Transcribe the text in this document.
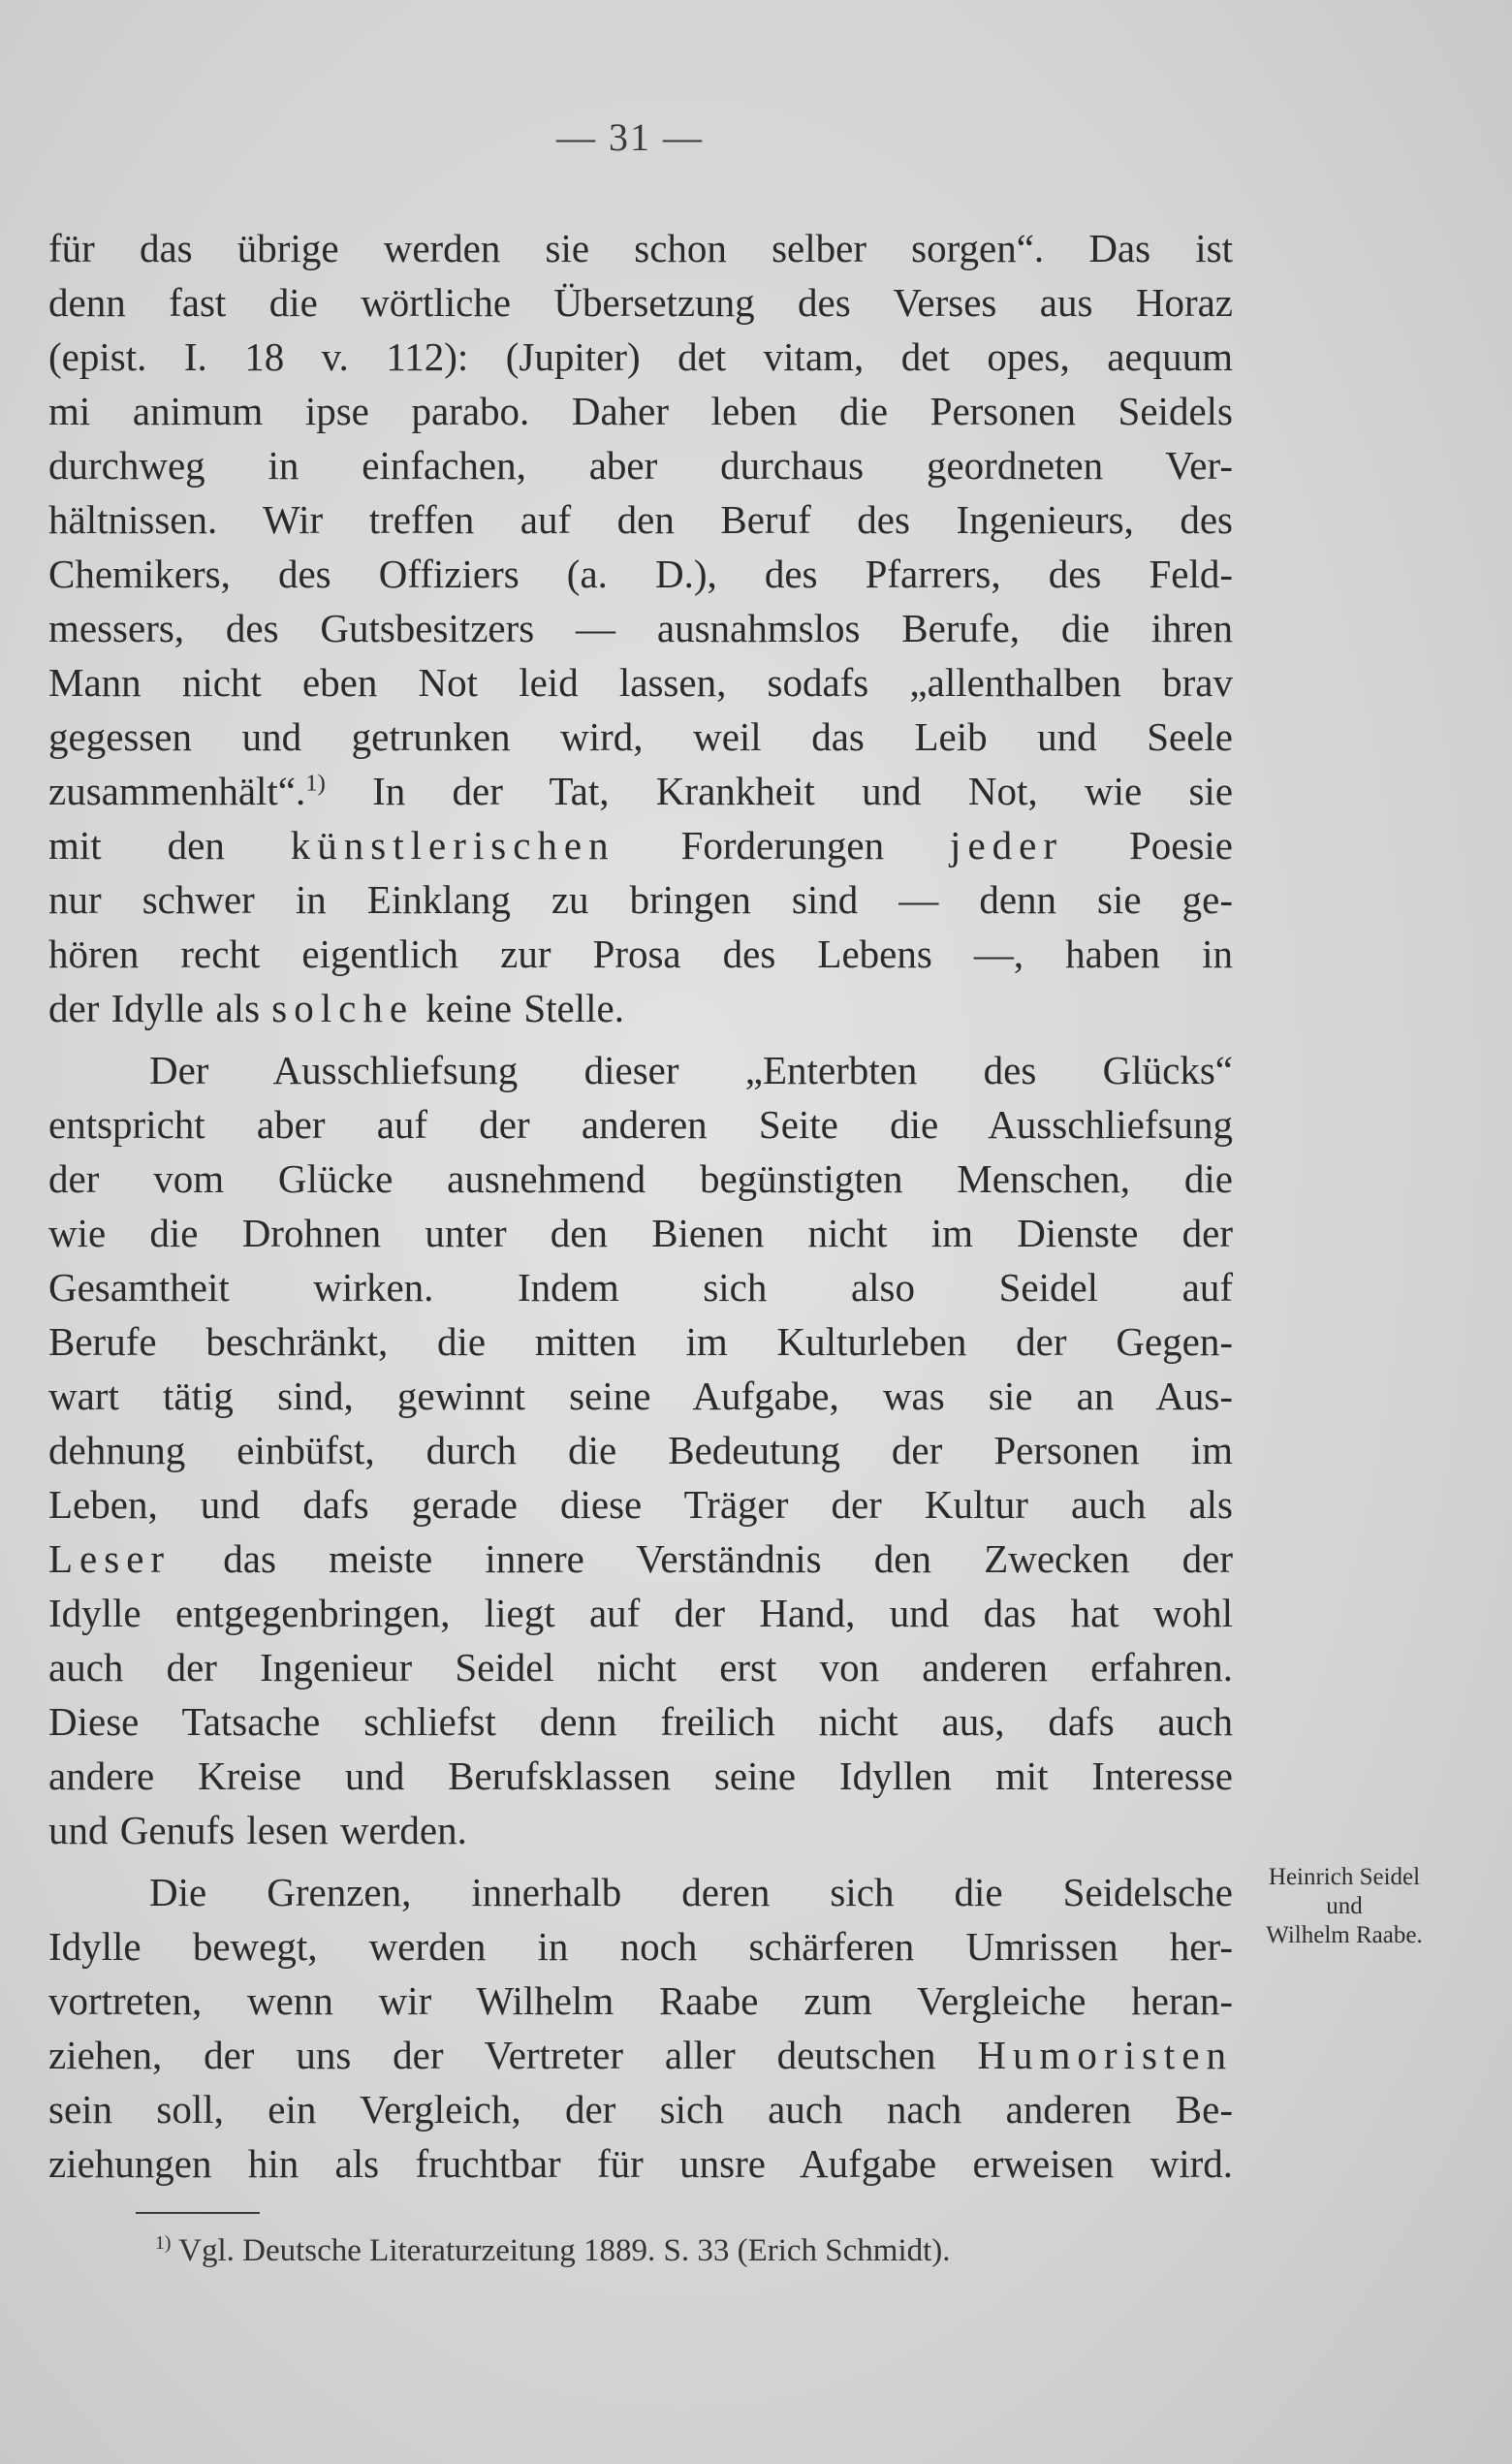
— 31 —
für das übrige werden sie schon selber sorgen“. Das ist
denn fast die wörtliche Übersetzung des Verses aus Horaz
(epist. I. 18 v. 112): (Jupiter) det vitam, det opes, aequum
mi animum ipse parabo. Daher leben die Personen Seidels
durchweg in einfachen, aber durchaus geordneten Ver-
hältnissen. Wir treffen auf den Beruf des Ingenieurs, des
Chemikers, des Offiziers (a. D.), des Pfarrers, des Feld-
messers, des Gutsbesitzers — ausnahmslos Berufe, die ihren
Mann nicht eben Not leid lassen, sodafs „allenthalben brav
gegessen und getrunken wird, weil das Leib und Seele
zusammenhält“.$^{1)}$ In der Tat, Krankheit und Not, wie sie
mit den künstlerischen Forderungen jeder Poesie
nur schwer in Einklang zu bringen sind — denn sie ge-
hören recht eigentlich zur Prosa des Lebens —, haben in
der Idylle als solche keine Stelle.
Der Ausschliefsung dieser „Enterbten des Glücks“
entspricht aber auf der anderen Seite die Ausschliefsung
der vom Glücke ausnehmend begünstigten Menschen, die
wie die Drohnen unter den Bienen nicht im Dienste der
Gesamtheit wirken. Indem sich also Seidel auf
Berufe beschränkt, die mitten im Kulturleben der Gegen-
wart tätig sind, gewinnt seine Aufgabe, was sie an Aus-
dehnung einbüfst, durch die Bedeutung der Personen im
Leben, und dafs gerade diese Träger der Kultur auch als
Leser das meiste innere Verständnis den Zwecken der
Idylle entgegenbringen, liegt auf der Hand, und das hat wohl
auch der Ingenieur Seidel nicht erst von anderen erfahren.
Diese Tatsache schliefst denn freilich nicht aus, dafs auch
andere Kreise und Berufsklassen seine Idyllen mit Interesse
und Genufs lesen werden.
Die Grenzen, innerhalb deren sich die Seidelsche
Idylle bewegt, werden in noch schärferen Umrissen her-
vortreten, wenn wir Wilhelm Raabe zum Vergleiche heran-
ziehen, der uns der Vertreter aller deutschen Humoristen
sein soll, ein Vergleich, der sich auch nach anderen Be-
ziehungen hin als fruchtbar für unsre Aufgabe erweisen wird.
Heinrich Seidel
und
Wilhelm Raabe.
$^{1)}$ Vgl. Deutsche Literaturzeitung 1889. S. 33 (Erich Schmidt).
